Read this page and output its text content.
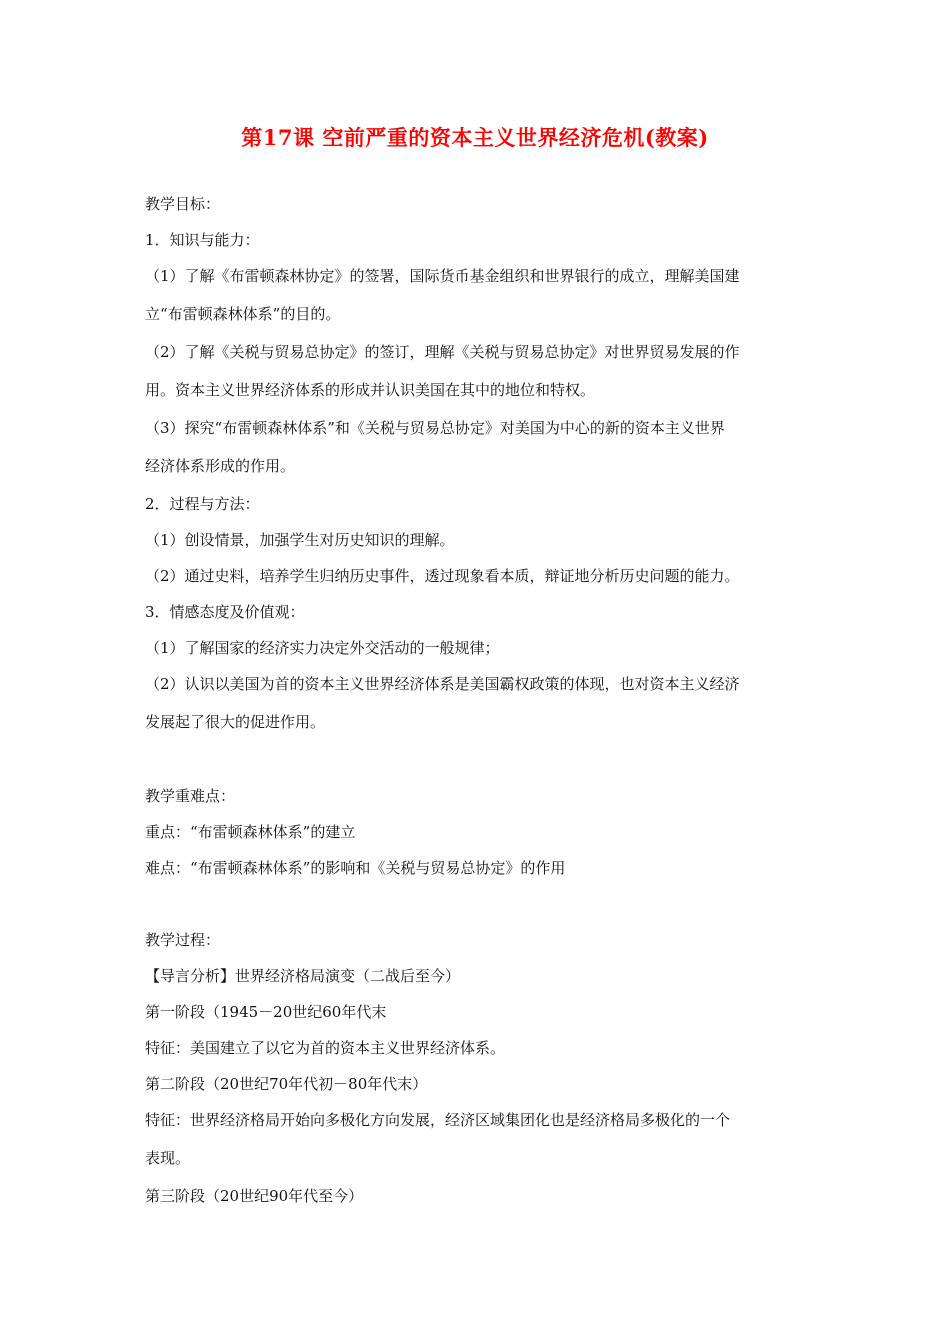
第17课 空前严重的资本主义世界经济危机(教案)
教学目标：
1．知识与能力：
（1）了解《布雷顿森林协定》的签署，国际货币基金组织和世界银行的成立，理解美国建
立“布雷顿森林体系”的目的。
（2）了解《关税与贸易总协定》的签订，理解《关税与贸易总协定》对世界贸易发展的作
用。资本主义世界经济体系的形成并认识美国在其中的地位和特权。
（3）探究“布雷顿森林体系”和《关税与贸易总协定》对美国为中心的新的资本主义世界
经济体系形成的作用。
2．过程与方法：
（1）创设情景，加强学生对历史知识的理解。
（2）通过史料，培养学生归纳历史事件，透过现象看本质，辩证地分析历史问题的能力。
3．情感态度及价值观：
（1）了解国家的经济实力决定外交活动的一般规律；
（2）认识以美国为首的资本主义世界经济体系是美国霸权政策的体现，也对资本主义经济
发展起了很大的促进作用。
教学重难点：
重点：“布雷顿森林体系”的建立
难点：“布雷顿森林体系”的影响和《关税与贸易总协定》的作用
教学过程：
【导言分析】世界经济格局演变（二战后至今）
第一阶段（1945－20世纪60年代末
特征：美国建立了以它为首的资本主义世界经济体系。
第二阶段（20世纪70年代初－80年代末）
特征：世界经济格局开始向多极化方向发展，经济区域集团化也是经济格局多极化的一个
表现。
第三阶段（20世纪90年代至今）
